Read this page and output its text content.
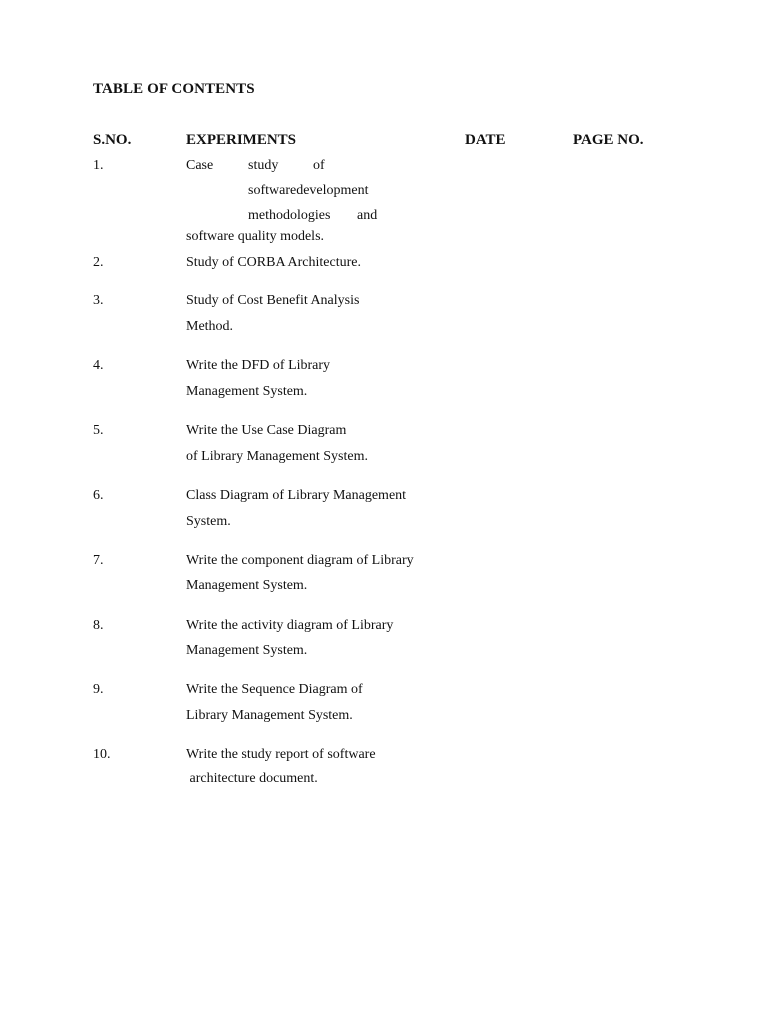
TABLE OF CONTENTS
S.NO.	EXPERIMENTS	DATE	PAGE NO.
1.	Case study of
softwaredevelopment
methodologies and
software quality models.
2.	Study of CORBA Architecture.
3.	Study of Cost Benefit Analysis
Method.
4.	Write the DFD of Library
Management System.
5.	Write the Use Case Diagram
of Library Management System.
6.	Class Diagram of Library Management
System.
7.	Write the component diagram of Library
Management System.
8.	Write the activity diagram of Library
Management System.
9.	Write the Sequence Diagram of
Library Management System.
10.	Write the study report of software
architecture document.
